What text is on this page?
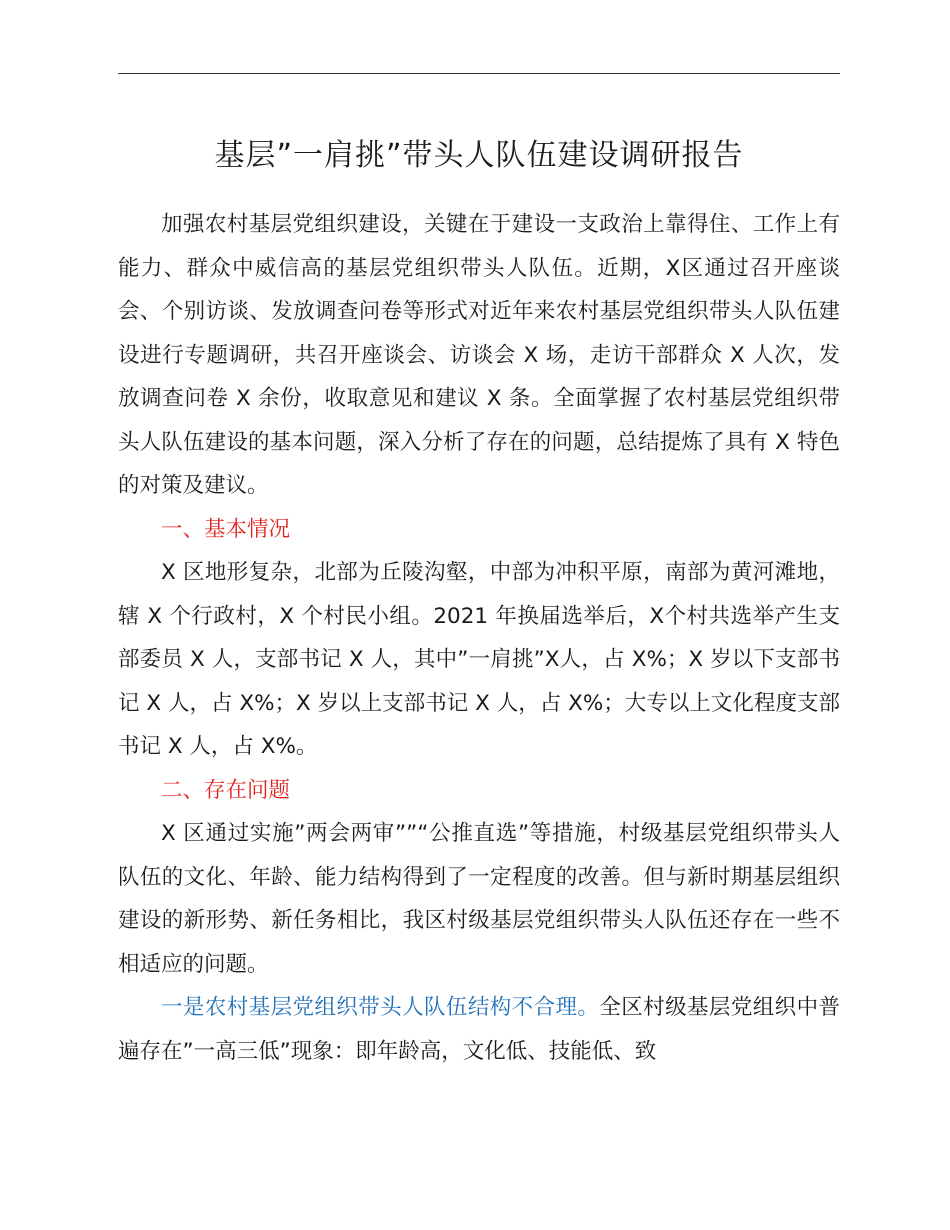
基层”一肩挑”带头人队伍建设调研报告

加强农村基层党组织建设，关键在于建设一支政治上靠得住、工作上有能力、群众中威信高的基层党组织带头人队伍。近期，X区通过召开座谈会、个别访谈、发放调查问卷等形式对近年来农村基层党组织带头人队伍建设进行专题调研，共召开座谈会、访谈会 X 场，走访干部群众 X 人次，发放调查问卷 X 余份，收取意见和建议 X 条。全面掌握了农村基层党组织带头人队伍建设的基本问题，深入分析了存在的问题，总结提炼了具有 X 特色的对策及建议。

一、基本情况

X 区地形复杂，北部为丘陵沟壑，中部为冲积平原，南部为黄河滩地，辖 X 个行政村，X 个村民小组。2021 年换届选举后，X个村共选举产生支部委员 X 人，支部书记 X 人，其中”一肩挑”X人，占 X%；X 岁以下支部书记 X 人，占 X%；X 岁以上支部书记 X 人，占 X%；大专以上文化程度支部书记 X 人，占 X%。

二、存在问题

X 区通过实施”两会两审””“公推直选”等措施，村级基层党组织带头人队伍的文化、年龄、能力结构得到了一定程度的改善。但与新时期基层组织建设的新形势、新任务相比，我区村级基层党组织带头人队伍还存在一些不相适应的问题。

一是农村基层党组织带头人队伍结构不合理。全区村级基层党组织中普遍存在”一高三低”现象：即年龄高，文化低、技能低、致
